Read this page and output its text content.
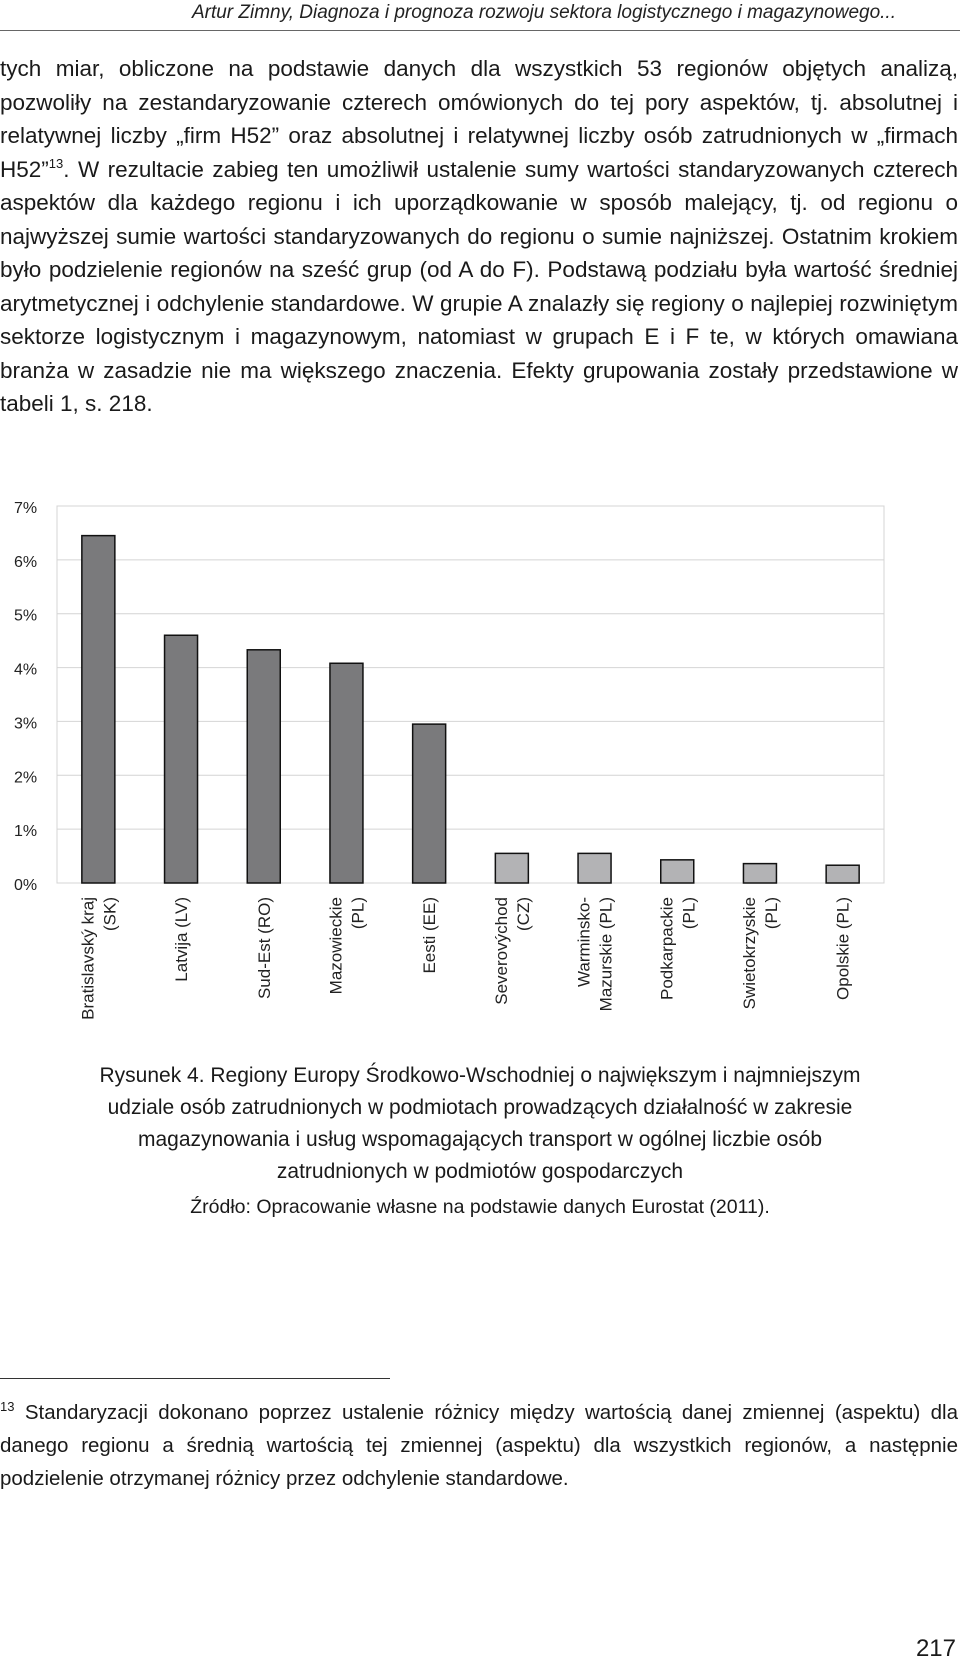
Artur Zimny, Diagnoza i prognoza rozwoju sektora logistycznego i magazynowego...

tych miar, obliczone na podstawie danych dla wszystkich 53 regionów objętych analizą, pozwoliły na zestandaryzowanie czterech omówionych do tej pory aspektów, tj. absolutnej i relatywnej liczby „firm H52” oraz absolutnej i relatywnej liczby osób zatrudnionych w „firmach H52”$^{13}$. W rezultacie zabieg ten umożliwił ustalenie sumy wartości standaryzowanych czterech aspektów dla każdego regionu i ich uporządkowanie w sposób malejący, tj. od regionu o najwyższej sumie wartości standaryzowanych do regionu o sumie najniższej. Ostatnim krokiem było podzielenie regionów na sześć grup (od A do F). Podstawą podziału była wartość średniej arytmetycznej i odchylenie standardowe. W grupie A znalazły się regiony o najlepiej rozwiniętym sektorze logistycznym i magazynowym, natomiast w grupach E i F te, w których omawiana branża w zasadzie nie ma większego znaczenia. Efekty grupowania zostały przedstawione w tabeli 1, s. 218.

0%
1%
2%
3%
4%
5%
6%
7%
Bratislavský kraj (SK)	Latvija (LV)	Sud-Est (RO)	Mazowieckie (PL)	Eesti (EE)	Severovýchod (CZ) Warminsko- Mazurskie (PL) Podkarpackie (PL) Swietokrzyskie (PL)	Opolskie (PL)
Rysunek 4. Regiony Europy Środkowo-Wschodniej o największym i najmniejszym
udziale osób zatrudnionych w podmiotach prowadzących działalność w zakresie
magazynowania i usług wspomagających transport w ogólnej liczbie osób
zatrudnionych w podmiotów gospodarczych
Źródło: Opracowanie własne na podstawie danych Eurostat (2011).

$^{13}$ Standaryzacji dokonano poprzez ustalenie różnicy między wartością danej zmiennej (aspektu) dla danego regionu a średnią wartością tej zmiennej (aspektu) dla wszystkich regionów, a następnie podzielenie otrzymanej różnicy przez odchylenie standardowe.

217
